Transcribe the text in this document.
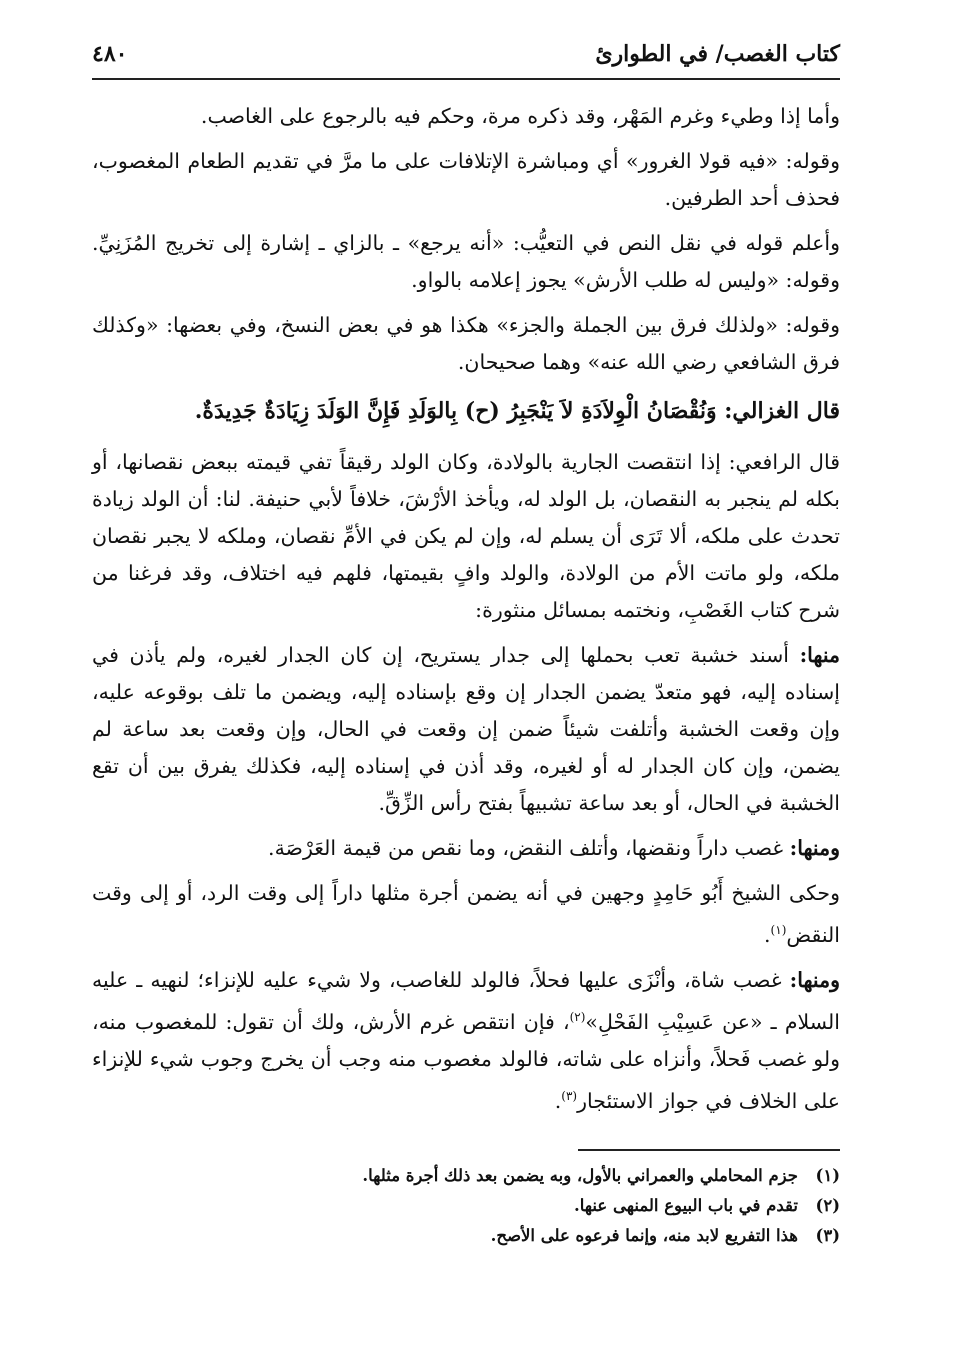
كتاب الغصب/ في الطوارئ
٤٨٠

وأما إذا وطيء وغرم المَهْر، وقد ذكره مرة، وحكم فيه بالرجوع على الغاصب.

وقوله: «فيه قولا الغرور» أي ومباشرة الإتلافات على ما مرَّ في تقديم الطعام المغصوب، فحذف أحد الطرفين.

وأعلم قوله في نقل النص في التعيُّب: «أنه يرجع» ـ بالزاي ـ إشارة إلى تخريج المُزَنِيِّ. وقوله: «وليس له طلب الأرش» يجوز إعلامه بالواو.

وقوله: «ولذلك فرق بين الجملة والجزء» هكذا هو في بعض النسخ، وفي بعضها: «وكذلك فرق الشافعي رضي الله عنه» وهما صحيحان.

قال الغزالي: وَنُقْصَانُ الْوِلاَدَةِ لاَ يَنْجَبِرُ (ح) بِالوَلَدِ فَإِنَّ الوَلَدَ زِيَادَةٌ جَدِيدَةٌ.

قال الرافعي: إذا انتقصت الجارية بالولادة، وكان الولد رقيقاً تفي قيمته ببعض نقصانها، أو بكله لم ينجبر به النقصان، بل الولد له، ويأخذ الأرْشَ، خلافاً لأبي حنيفة. لنا: أن الولد زيادة تحدث على ملكه، ألا تَرَى أن يسلم له، وإن لم يكن في الأمِّ نقصان، وملكه لا يجبر نقصان ملكه، ولو ماتت الأم من الولادة، والولد وافٍ بقيمتها، فلهم فيه اختلاف، وقد فرغنا من شرح كتاب الغَصْبِ، ونختمه بمسائل منثورة:

منها: أسند خشبة تعب بحملها إلى جدار يستريح، إن كان الجدار لغيره، ولم يأذن في إسناده إليه، فهو متعدّ يضمن الجدار إن وقع بإسناده إليه، ويضمن ما تلف بوقوعه عليه، وإن وقعت الخشبة وأتلفت شيئاً ضمن إن وقعت في الحال، وإن وقعت بعد ساعة لم يضمن، وإن كان الجدار له أو لغيره، وقد أذن في إسناده إليه، فكذلك يفرق بين أن تقع الخشبة في الحال، أو بعد ساعة تشبيهاً بفتح رأس الزِّقِّ.

ومنها: غصب داراً ونقضها، وأتلف النقض، وما نقص من قيمة العَرْصَة.

وحكى الشيخ أَبُو حَامِدٍ وجهين في أنه يضمن أجرة مثلها داراً إلى وقت الرد، أو إلى وقت النقض$^{(١)}$.

ومنها: غصب شاة، وأنْزَى عليها فحلاً، فالولد للغاصب، ولا شيء عليه للإنزاء؛ لنهيه ـ عليه السلام ـ «عن عَسِيْبِ الفَحْلِ»$^{(٢)}$، فإن انتقص غرم الأرش، ولك أن تقول: للمغصوب منه، ولو غصب فَحلاً، وأنزاه على شاته، فالولد مغصوب منه وجب أن يخرج وجوب شيء للإنزاء على الخلاف في جواز الاستئجار$^{(٣)}$.

(١)
جزم المحاملي والعمراني بالأول، وبه يضمن بعد ذلك أجرة مثلها.
(٢)
تقدم في باب البيوع المنهى عنها.
(٣)
هذا التفريع لابد منه، وإنما فرعوه على الأصح.
